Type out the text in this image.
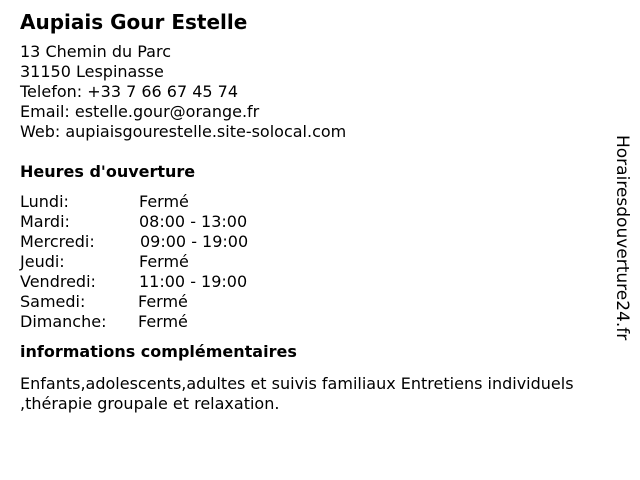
Aupiais Gour Estelle
13 Chemin du Parc
31150 Lespinasse
Telefon: +33 7 66 67 45 74
Email: estelle.gour@orange.fr
Web: aupiaisgourestelle.site-solocal.com
Heures d'ouverture
Lundi:	Fermé
Mardi:	08:00 - 13:00
Mercredi:	09:00 - 19:00
Jeudi:	Fermé
Vendredi:	11:00 - 19:00
Samedi:	Fermé
Dimanche: Fermé
informations complémentaires
Enfants,adolescents,adultes et suivis familiaux Entretiens individuels ,thérapie groupale et relaxation.
Horairesdouverture24.fr
